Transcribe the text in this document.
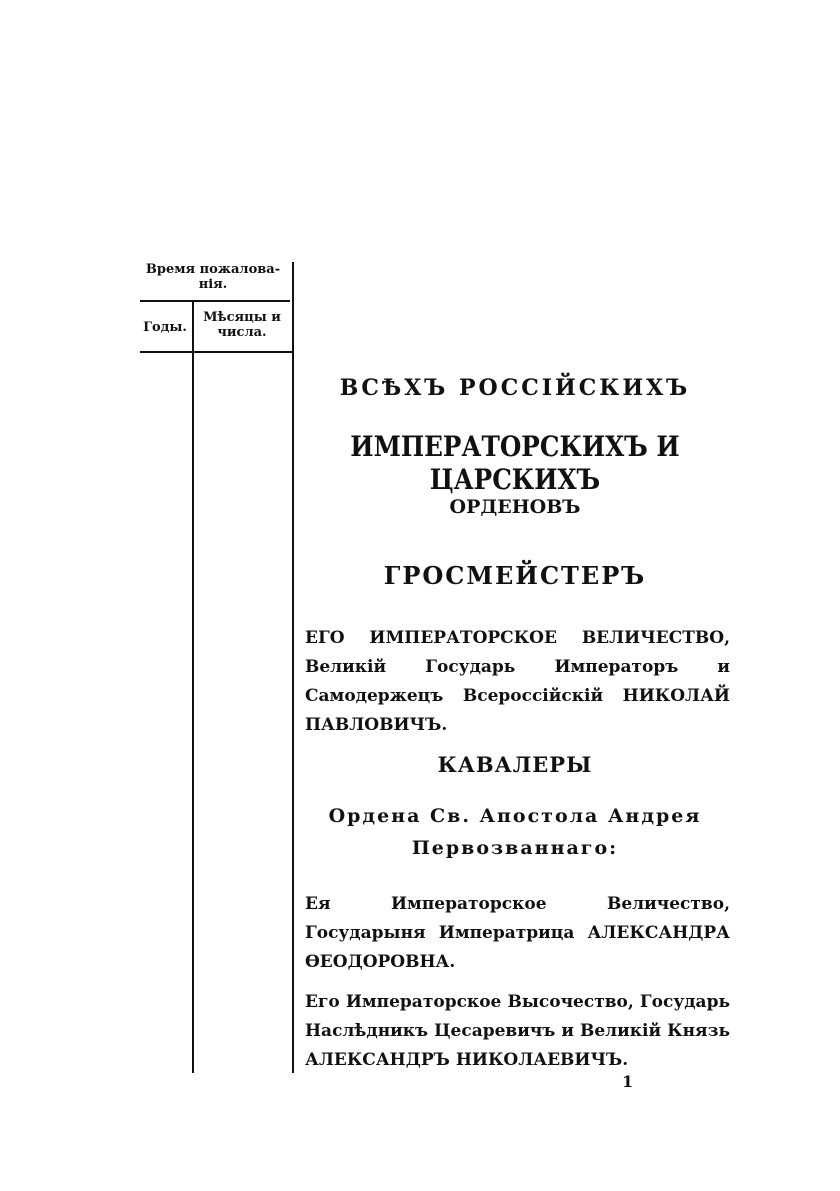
Время пожалова-
нія.
Годы.
Мѣсяцы и
числа.
ВСѢХЪ РОССІЙСКИХЪ
ИМПЕРАТОРСКИХЪ И ЦАРСКИХЪ
ОРДЕНОВЪ
ГРОСМЕЙСТЕРЪ
ЕГО ИМПЕРАТОРСКОЕ ВЕЛИЧЕСТВО, Великій Государь Императоръ и Самодержецъ Всероссійскій НИКОЛАЙ ПАВЛОВИЧЪ.
КАВАЛЕРЫ
Ордена Св. Апостола Андрея
Первозваннаго:
Ея Императорское Величество, Государыня Императрица АЛЕКСАНДРА ѲЕОДОРОВНА.
Его Императорское Высочество, Государь Наслѣдникъ Цесаревичъ и Великій Князь АЛЕКСАНДРЪ НИКОЛАЕВИЧЪ.
1
